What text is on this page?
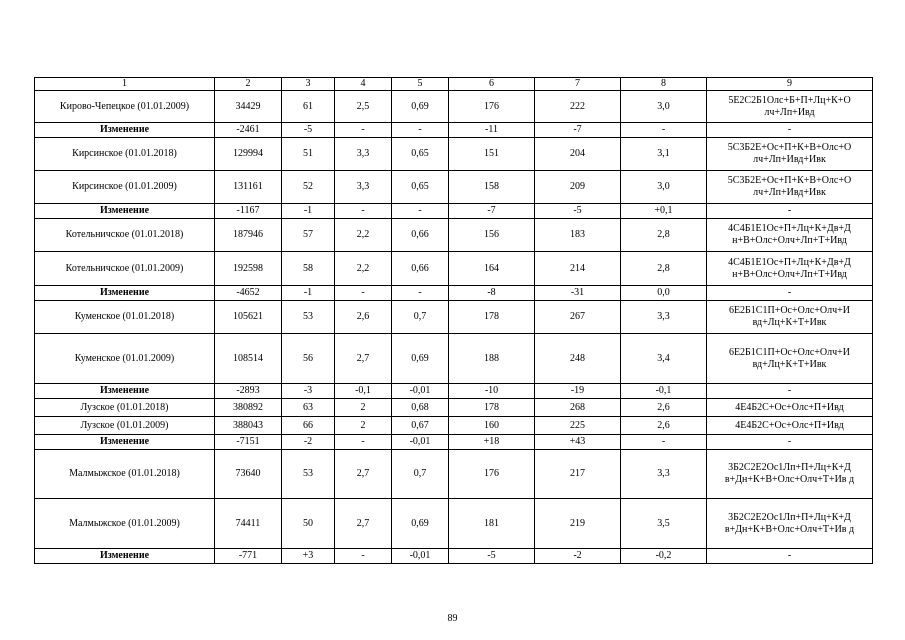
1	2	3	4	5	6	7	8	9
Кирово-Чепецкое (01.01.2009)	34429	61	2,5	0,69	176	222	3,0	5Е2С2Б1Олс+Б+П+Лц+К+О лч+Лп+Ивд
Изменение	-2461	-5	-	-	-11	-7	-	-
Кирсинское (01.01.2018)	129994	51	3,3	0,65	151	204	3,1	5С3Б2Е+Ос+П+К+В+Олс+О лч+Лп+Ивд+Ивк
Кирсинское (01.01.2009)	131161	52	3,3	0,65	158	209	3,0	5С3Б2Е+Ос+П+К+В+Олс+О лч+Лп+Ивд+Ивк
Изменение	-1167	-1	-	-	-7	-5	+0,1	-
Котельничское (01.01.2018)	187946	57	2,2	0,66	156	183	2,8	4С4Б1Е1Ос+П+Лц+К+Дв+Д н+В+Олс+Олч+Лп+Т+Ивд
Котельничское (01.01.2009)	192598	58	2,2	0,66	164	214	2,8	4С4Б1Е1Ос+П+Лц+К+Дв+Д н+В+Олс+Олч+Лп+Т+Ивд
Изменение	-4652	-1	-	-	-8	-31	0,0	-
Куменское (01.01.2018)	105621	53	2,6	0,7	178	267	3,3	6Е2Б1С1П+Ос+Олс+Олч+И вд+Лц+К+Т+Ивк
Куменское (01.01.2009)	108514	56	2,7	0,69	188	248	3,4	6Е2Б1С1П+Ос+Олс+Олч+И вд+Лц+К+Т+Ивк
Изменение	-2893	-3	-0,1	-0,01	-10	-19	-0,1	-
Лузское (01.01.2018)	380892	63	2	0,68	178	268	2,6	4Е4Б2С+Ос+Олс+П+Ивд
Лузское (01.01.2009)	388043	66	2	0,67	160	225	2,6	4Е4Б2С+Ос+Олс+П+Ивд
Изменение	-7151	-2	-	-0,01	+18	+43	-	-
Малмыжское (01.01.2018)	73640	53	2,7	0,7	176	217	3,3	3Б2С2Е2Ос1Лп+П+Лц+К+Д в+Дн+К+В+Олс+Олч+Т+Ив д
Малмыжское (01.01.2009)	74411	50	2,7	0,69	181	219	3,5	3Б2С2Е2Ос1Лп+П+Лц+К+Д в+Дн+К+В+Олс+Олч+Т+Ив д
Изменение	-771	+3	-	-0,01	-5	-2	-0,2	-
89
